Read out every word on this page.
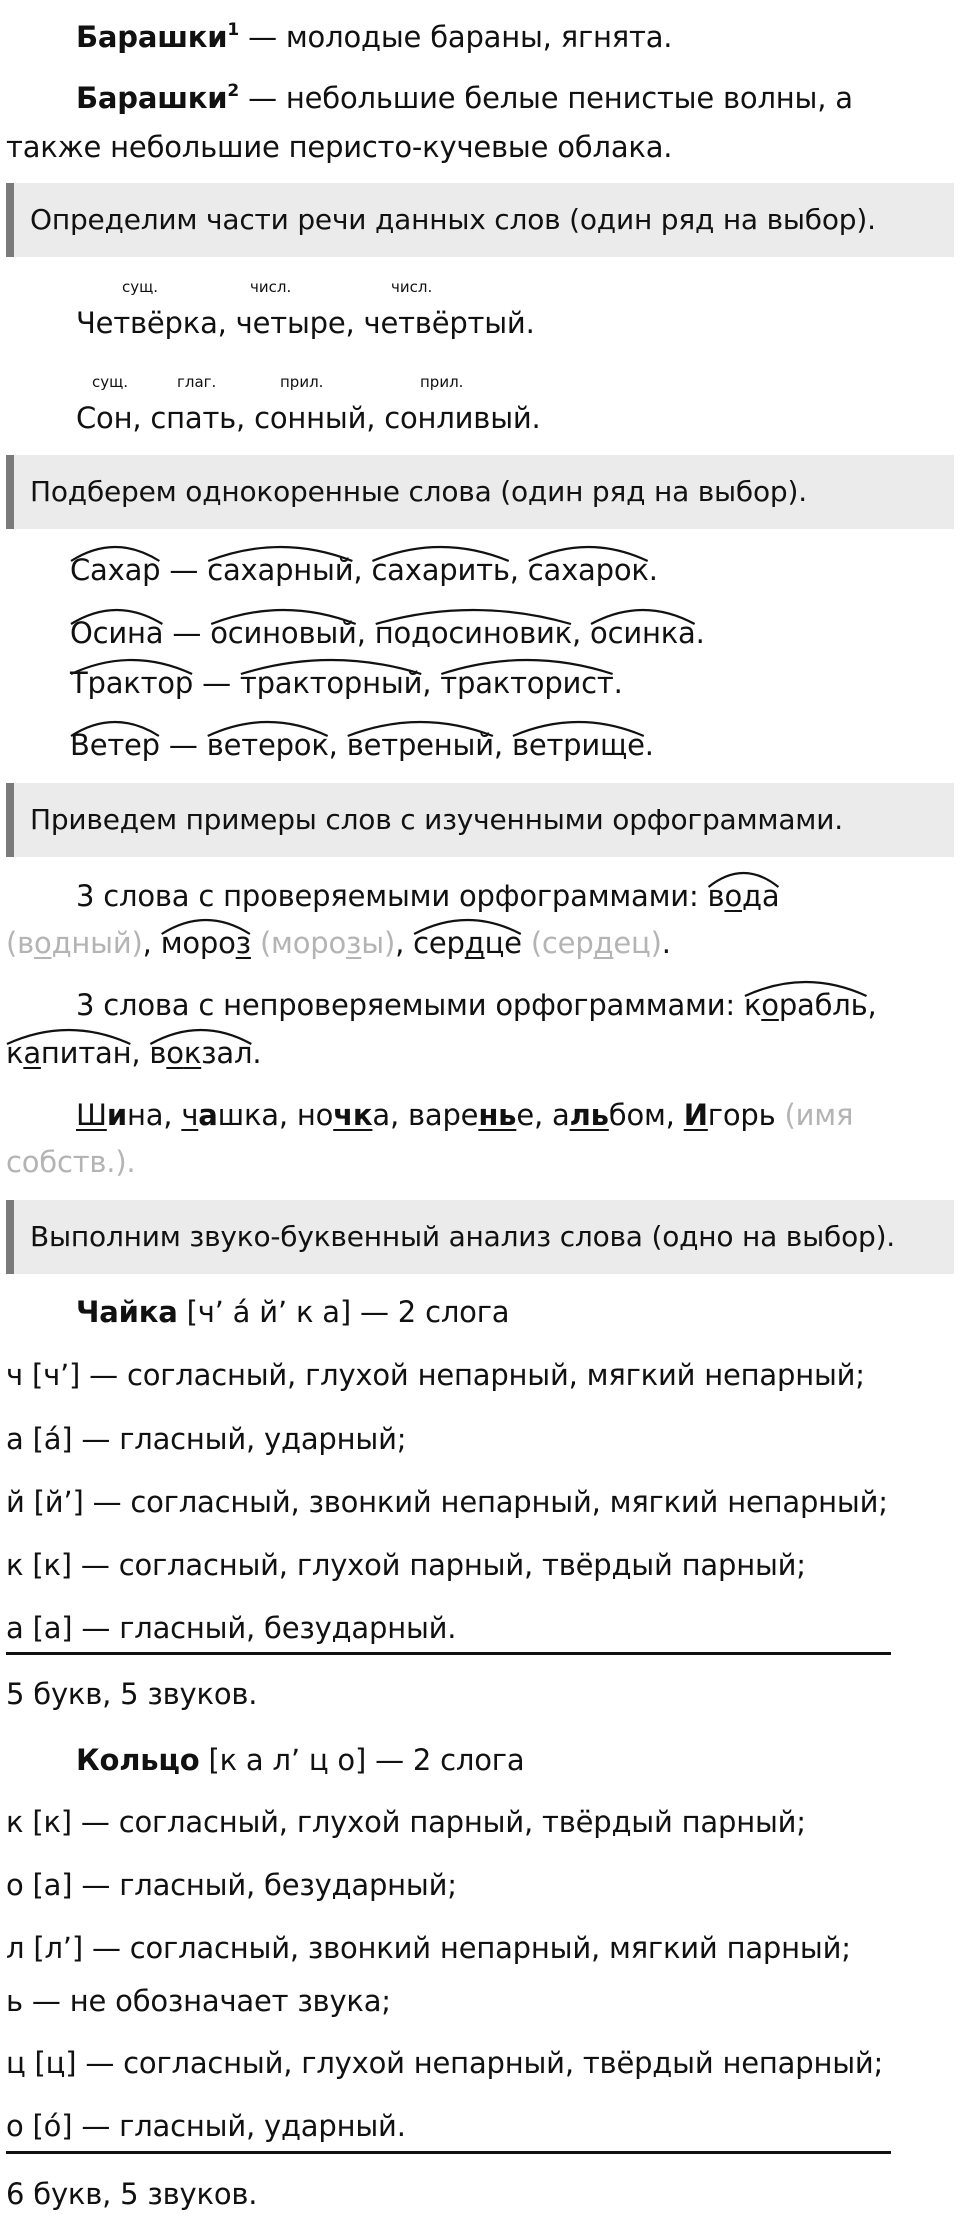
Барашки$^1$ — молодые бараны, ягнята.
Барашки$^2$ — небольшие белые пенистые волны, а
также небольшие перисто-кучевые облака.
Определим части речи данных слов (один ряд на выбор).
сущ.	числ.	числ.
Четвёрка, четыре, четвёртый.
сущ.	глаг.	прил.	прил.
Сон, спать, сонный, сонливый.
Подберем однокоренные слова (один ряд на выбор).
Сахар — сахарный, сахарить, сахарок.
Осина — осиновый, подосиновик, осинка.
Трактор — тракторный, тракторист.
Ветер — ветерок, ветреный, ветрище.
Приведем примеры слов с изученными орфограммами.
3 слова с проверяемыми орфограммами: вода
(водный), мороз (морозы), сердце (сердец).
3 слова с непроверяемыми орфограммами: корабль,
капитан, вокзал.
Шина, чашка, ночка, варенье, альбом, Игорь (имя
собств.).
Выполним звуко-буквенный анализ слова (одно на выбор).
Чайка [ч’ а́ й’ к а] — 2 слога
ч [ч’] — согласный, глухой непарный, мягкий непарный;
а [а́] — гласный, ударный;
й [й’] — согласный, звонкий непарный, мягкий непарный;
к [к] — согласный, глухой парный, твёрдый парный;
а [а] — гласный, безударный.
5 букв, 5 звуков.
Кольцо [к а л’ ц о] — 2 слога
к [к] — согласный, глухой парный, твёрдый парный;
о [а] — гласный, безударный;
л [л’] — согласный, звонкий непарный, мягкий парный;
ь — не обозначает звука;
ц [ц] — согласный, глухой непарный, твёрдый непарный;
о [о́] — гласный, ударный.
6 букв, 5 звуков.
